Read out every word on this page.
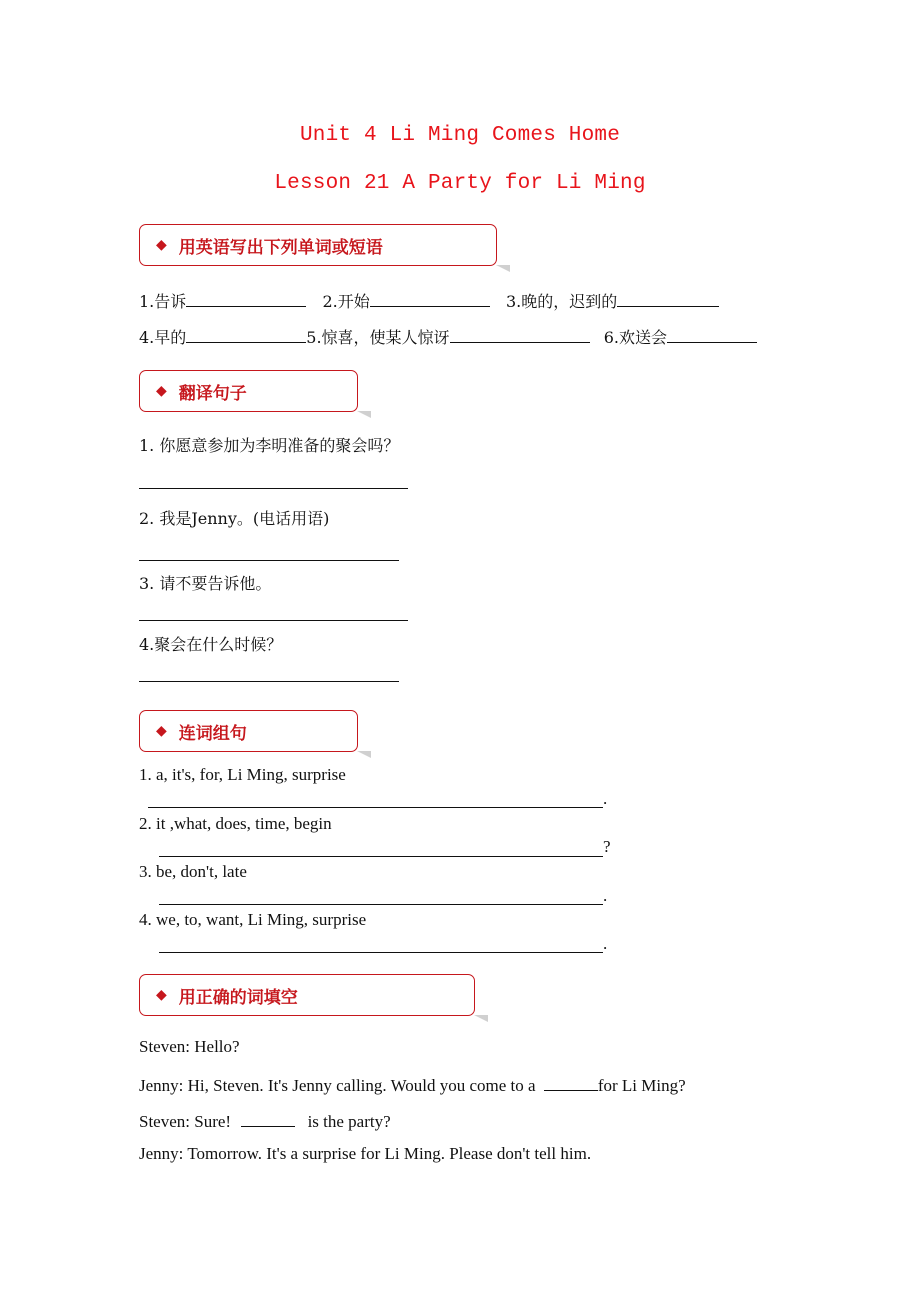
Unit 4 Li Ming Comes Home
Lesson 21 A Party for Li Ming
◆ 用英语写出下列单词或短语
1.告诉	2.开始	3.晚的，迟到的
4.早的	5.惊喜，使某人惊讶	6.欢送会
◆ 翻译句子
1. 你愿意参加为李明准备的聚会吗？
2. 我是Jenny。(电话用语)
3. 请不要告诉他。
4.聚会在什么时候？
◆ 连词组句
1. a, it's, for, Li Ming, surprise
.
2. it ,what, does, time, begin
?
3. be, don't, late
.
4. we, to, want, Li Ming, surprise
.
◆ 用正确的词填空
Steven: Hello?
Jenny: Hi, Steven. It's Jenny calling. Would you come to a	for Li Ming?
Steven: Sure!	is the party?
Jenny: Tomorrow. It's a surprise for Li Ming. Please don't tell him.
